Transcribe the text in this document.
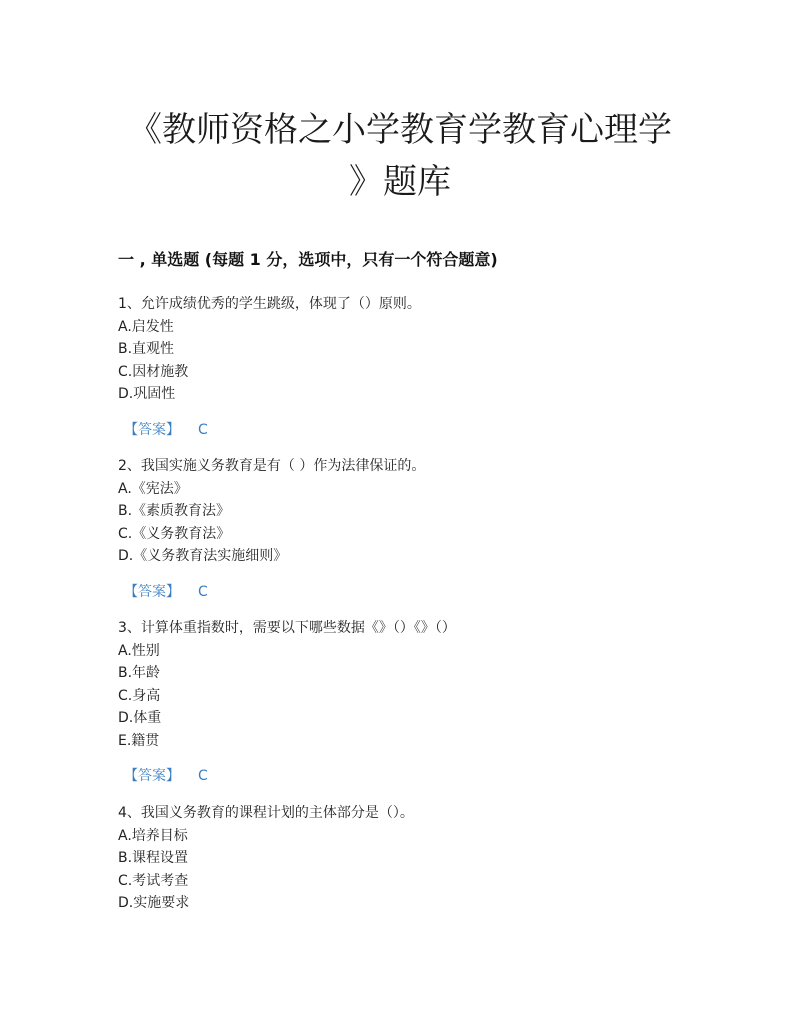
《教师资格之小学教育学教育心理学
》题库
一 , 单选题 (每题 1 分，选项中，只有一个符合题意)
1、允许成绩优秀的学生跳级，体现了（）原则。
A.启发性
B.直观性
C.因材施教
D.巩固性
【答案】 C
2、我国实施义务教育是有（ ）作为法律保证的。
A.《宪法》
B.《素质教育法》
C.《义务教育法》
D.《义务教育法实施细则》
【答案】 C
3、计算体重指数时，需要以下哪些数据《》（）《》（）
A.性别
B.年龄
C.身高
D.体重
E.籍贯
【答案】 C
4、我国义务教育的课程计划的主体部分是（）。
A.培养目标
B.课程设置
C.考试考查
D.实施要求
